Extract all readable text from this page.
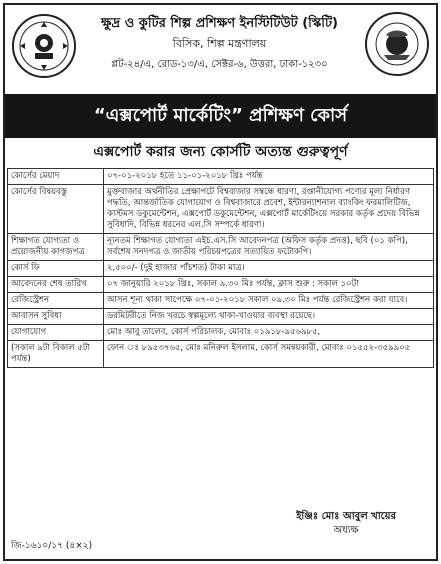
ক্ষুদ্র ও কুটির শিল্প প্রশিক্ষণ ইনস্টিটিউট (স্কিটি)
বিসিক, শিল্প মন্ত্রণালয়
প্লট-২৪/এ, রোড-১৩/এ, সেক্টর-৬, উত্তরা, ঢাকা-১২৩০
“এক্সপোর্ট মার্কেটিং” প্রশিক্ষণ কোর্স
এক্সপোর্ট করার জন্য কোর্সটি অত্যন্ত গুরুত্বপূর্ণ
কোর্সের মেয়াদ	০৭-০১-২০১৮ হতে ১১-০১-২০১৮ খ্রিঃ পর্যন্ত
কোর্সের বিষয়বস্তু	মুক্তবাজার অর্থনীতির প্রেক্ষাপটে বিশ্ববাজার সম্বন্ধে ধারণা, রপ্তানীযোগ্য পণ্যের মূল্য নির্ধারণ পদ্ধতি, আন্তর্জাতিক যোগাযোগ ও বিশ্ববাজারে প্রবেশ, ইন্টারন্যাশনাল ব্যাংকিং ফরমালিটিজ, কাস্টমস ডকুমেন্টেশন, এক্সপোর্ট ডকুমেন্টেশন, এক্সপোর্ট মার্কেটিংয়ে সরকার কর্তৃক প্রদেয় বিভিন্ন সুবিধাদি, বিভিন্ন ধরনের এল.সি সম্পর্কে ধারণা।
শিক্ষাগত যোগ্যতা ও প্রয়োজনীয় কাগজপত্র	ন্যূনতম শিক্ষাগত যোগ্যতা এইচ.এস.সি আবেদনপত্র (অফিস কর্তৃক প্রদত্ত), ছবি (০১ কপি), সর্বশেষ সনদপত্র ও জাতীয় পরিচয়পত্রের সত্যায়িত ফটোকপি।
কোর্স ফি	২,৫০০/- (দুই হাজার পাঁচশত) টাকা মাত্র।
আবেদনের শেষ তারিখ	০৭ জানুয়ারি ২০১৮ খ্রিঃ, সকাল ৯.৩০ মিঃ পর্যন্ত, ক্লাস শুরু : সকাল ১০টা
রেজিস্ট্রেশন	আসন শূন্য থাকা সাপেক্ষে ০৭-০১-২০১৮ সকাল ০৯.৩০ মিঃ পর্যন্ত রেজিস্ট্রেশন করা যাবে।
আবাসন সুবিধা	ডরমিটরীতে নিজ খরচে স্বল্পমূল্যে থাকা-খাওয়ার ব্যবস্থা রয়েছে।
যোগাযোগ	মোঃ আবু তালেব, কোর্স পরিচালক, মোবাঃ ০১৯১৮-৯৫৬৯৮৫,
(সকাল ৯টা বিকাল ৫টা পর্যন্ত)	ফোন ঃ ৮৯৫৩৭৬৫, মোঃ মনিরুল ইসলাম, কোর্স সমন্বয়কারী, মোবাঃ ০১৫৫২-৩৫৯৯০৫
ইঞ্জিঃ মোঃ আবুল খায়ের
অধ্যক্ষ
জি-১৬১০/১৭ (৪×২)
